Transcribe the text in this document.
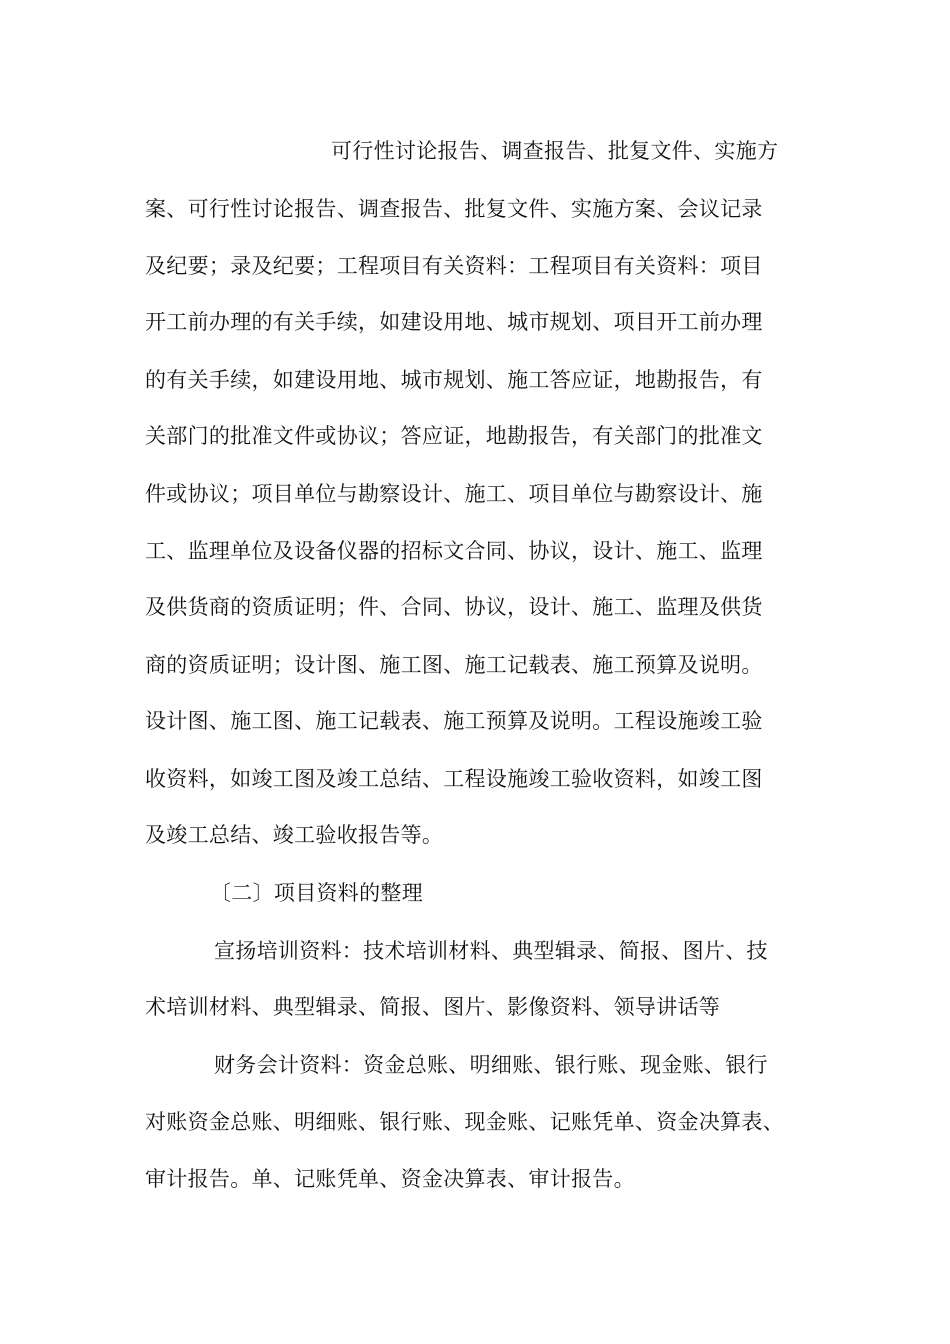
可行性讨论报告、调查报告、批复文件、实施方
案、可行性讨论报告、调查报告、批复文件、实施方案、会议记录
及纪要；录及纪要；工程项目有关资料：工程项目有关资料：项目
开工前办理的有关手续，如建设用地、城市规划、项目开工前办理
的有关手续，如建设用地、城市规划、施工答应证，地勘报告，有
关部门的批准文件或协议；答应证，地勘报告，有关部门的批准文
件或协议；项目单位与勘察设计、施工、项目单位与勘察设计、施
工、监理单位及设备仪器的招标文合同、协议，设计、施工、监理
及供货商的资质证明；件、合同、协议，设计、施工、监理及供货
商的资质证明；设计图、施工图、施工记载表、施工预算及说明。
设计图、施工图、施工记载表、施工预算及说明。工程设施竣工验
收资料，如竣工图及竣工总结、工程设施竣工验收资料，如竣工图
及竣工总结、竣工验收报告等。
〔二〕项目资料的整理
宣扬培训资料：技术培训材料、典型辑录、简报、图片、技
术培训材料、典型辑录、简报、图片、影像资料、领导讲话等
财务会计资料：资金总账、明细账、银行账、现金账、银行
对账资金总账、明细账、银行账、现金账、记账凭单、资金决算表、
审计报告。单、记账凭单、资金决算表、审计报告。
